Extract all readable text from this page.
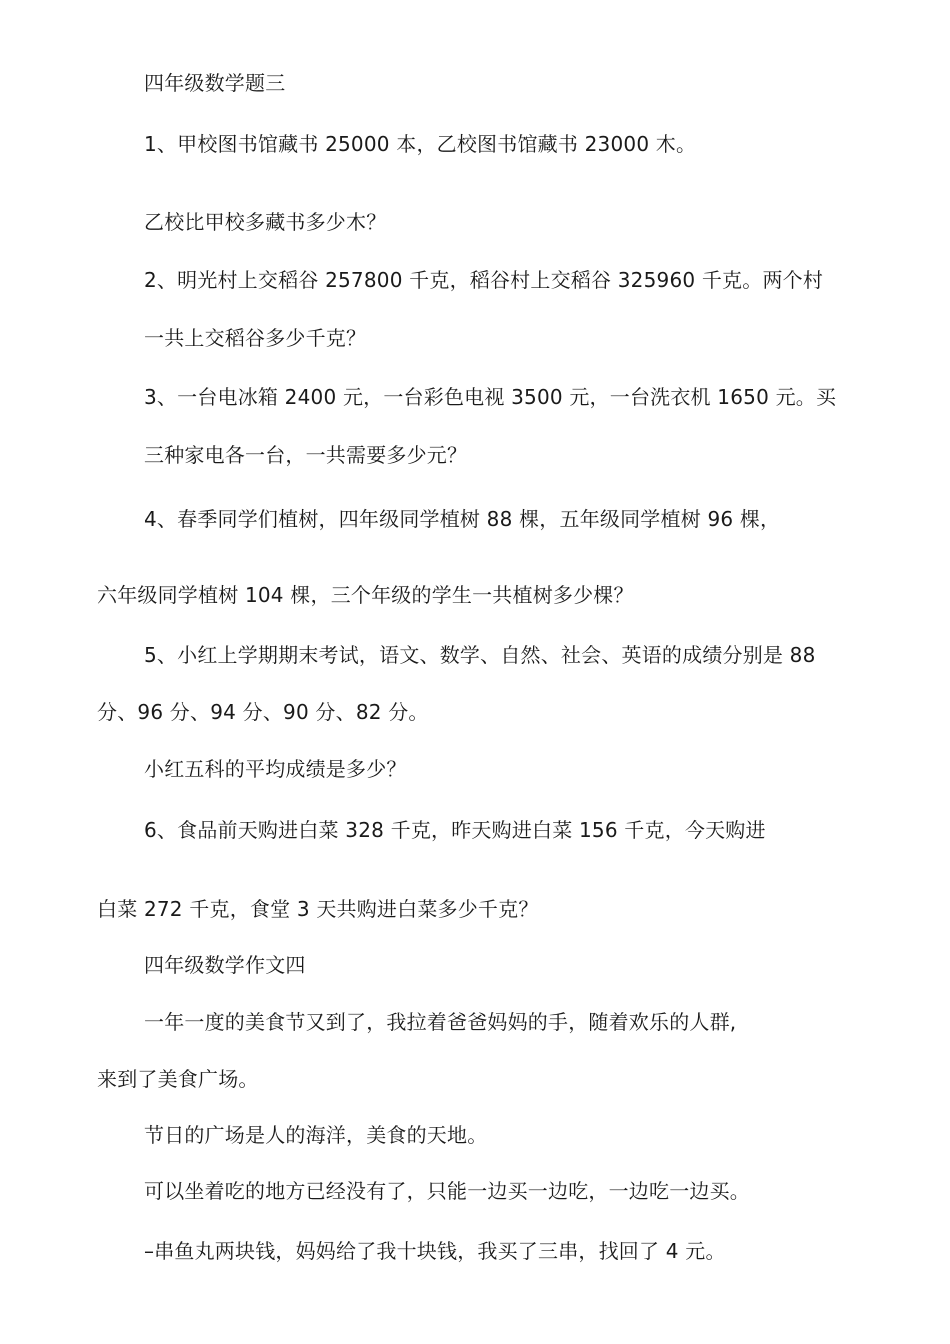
四年级数学题三
1、甲校图书馆藏书 25000 本，乙校图书馆藏书 23000 木。
乙校比甲校多藏书多少木？
2、明光村上交稻谷 257800 千克，稻谷村上交稻谷 325960 千克。两个村
一共上交稻谷多少千克？
3、一台电冰箱 2400 元，一台彩色电视 3500 元，一台洗衣机 1650 元。买
三种家电各一台，一共需要多少元？
4、春季同学们植树，四年级同学植树 88 棵，五年级同学植树 96 棵，
六年级同学植树 104 棵，三个年级的学生一共植树多少棵？
5、小红上学期期末考试，语文、数学、自然、社会、英语的成绩分别是 88
分、96 分、94 分、90 分、82 分。
小红五科的平均成绩是多少？
6、食品前天购进白菜 328 千克，昨天购进白菜 156 千克，今天购进
白菜 272 千克，食堂 3 天共购进白菜多少千克？
四年级数学作文四
一年一度的美食节又到了，我拉着爸爸妈妈的手，随着欢乐的人群,
来到了美食广场。
节日的广场是人的海洋，美食的天地。
可以坐着吃的地方已经没有了，只能一边买一边吃，一边吃一边买。
–串鱼丸两块钱，妈妈给了我十块钱，我买了三串，找回了 4 元。
